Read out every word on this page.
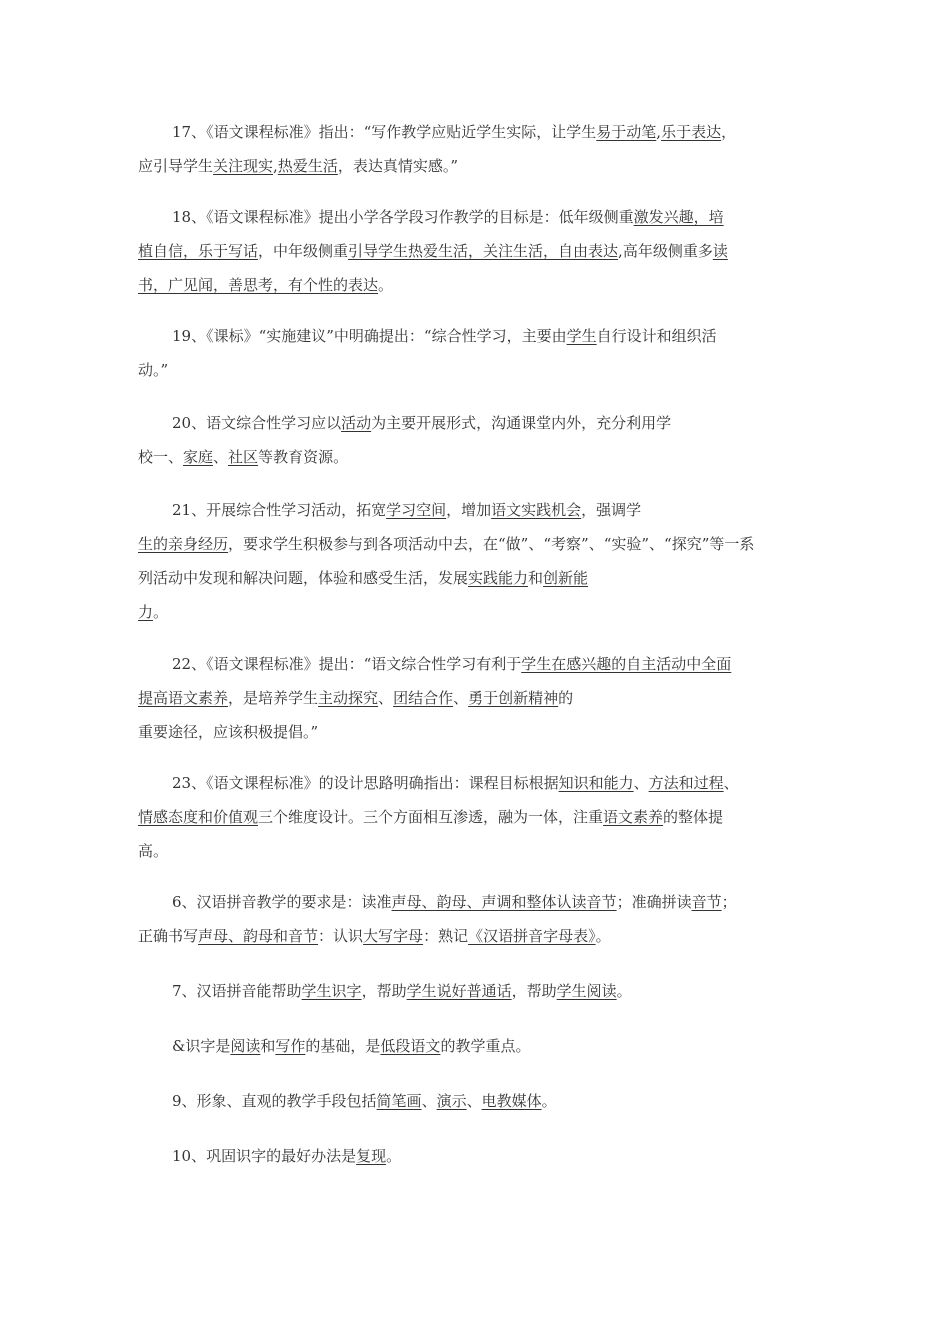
17、《语文课程标准》指出：“写作教学应贴近学生实际，让学生易于动笔,乐于表达，
应引导学生关注现实,热爱生活，表达真情实感。”
18、《语文课程标准》提出小学各学段习作教学的目标是：低年级侧重激发兴趣，培
植自信，乐于写话，中年级侧重引导学生热爱生活，关注生活，自由表达,高年级侧重多读
书，广见闻，善思考，有个性的表达。
19、《课标》“实施建议”中明确提出：“综合性学习，主要由学生自行设计和组织活
动。”
20、语文综合性学习应以活动为主要开展形式，沟通课堂内外，充分利用学
校一、家庭、社区等教育资源。
21、开展综合性学习活动，拓宽学习空间，增加语文实践机会，强调学
生的亲身经历，要求学生积极参与到各项活动中去，在“做”、“考察”、“实验”、“探究”等一系
列活动中发现和解决问题，体验和感受生活，发展实践能力和创新能
力。
22、《语文课程标准》提出：“语文综合性学习有利于学生在感兴趣的自主活动中全面
提高语文素养，是培养学生主动探究、团结合作、勇于创新精神的
重要途径，应该积极提倡。”
23、《语文课程标准》的设计思路明确指出：课程目标根据知识和能力、方法和过程、
情感态度和价值观三个维度设计。三个方面相互渗透，融为一体，注重语文素养的整体提
高。
6、汉语拼音教学的要求是：读准声母、韵母、声调和整体认读音节；准确拼读音节；
正确书写声母、韵母和音节：认识大写字母：熟记《汉语拼音字母表》。
7、汉语拼音能帮助学生识字，帮助学生说好普通话，帮助学生阅读。
&识字是阅读和写作的基础，是低段语文的教学重点。
9、形象、直观的教学手段包括简笔画、演示、电教媒体。
10、巩固识字的最好办法是复现。
